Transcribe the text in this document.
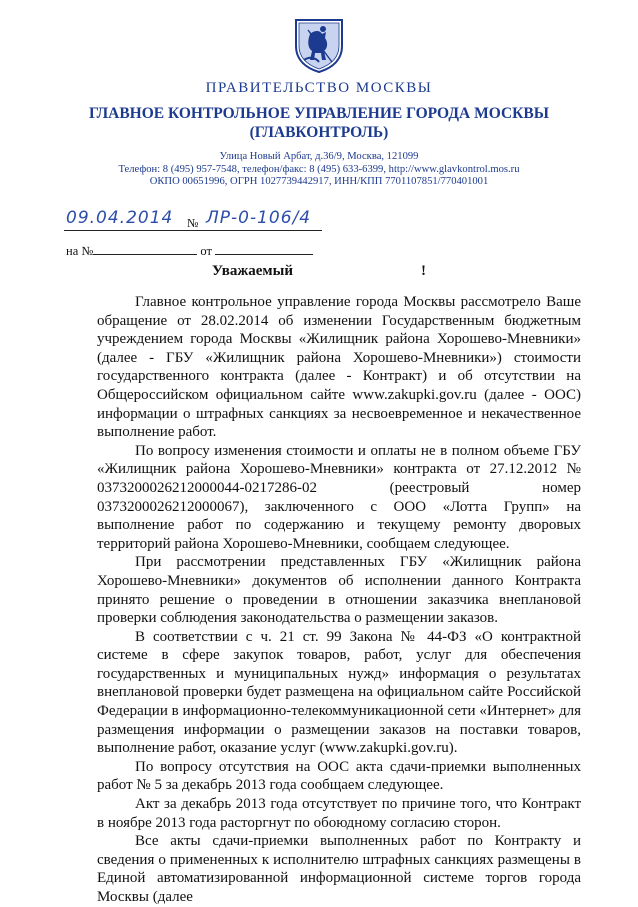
ПРАВИТЕЛЬСТВО МОСКВЫ
ГЛАВНОЕ КОНТРОЛЬНОЕ УПРАВЛЕНИЕ ГОРОДА МОСКВЫ
(ГЛАВКОНТРОЛЬ)
Улица Новый Арбат, д.36/9, Москва, 121099
Телефон: 8 (495) 957-7548, телефон/факс: 8 (495) 633-6399, http://www.glavkontrol.mos.ru
ОКПО 00651996, ОГРН 1027739442917, ИНН/КПП 7701107851/770401001
09.04.2014 № ЛР-0-106/4
на №	от
Уважаемый	!

Главное контрольное управление города Москвы рассмотрело Ваше обращение от 28.02.2014 об изменении Государственным бюджетным учреждением города Москвы «Жилищник района Хорошево-Мневники» (далее - ГБУ «Жилищник района Хорошево-Мневники») стоимости государственного контракта (далее - Контракт) и об отсутствии на Общероссийском официальном сайте www.zakupki.gov.ru (далее - ООС) информации о штрафных санкциях за несвоевременное и некачественное выполнение работ.

По вопросу изменения стоимости и оплаты не в полном объеме ГБУ «Жилищник района Хорошево-Мневники» контракта от 27.12.2012 № 0373200026212000044-0217286-02 (реестровый номер 0373200026212000067), заключенного с ООО «Лотта Групп» на выполнение работ по содержанию и текущему ремонту дворовых территорий района Хорошево-Мневники, сообщаем следующее.

При рассмотрении представленных ГБУ «Жилищник района Хорошево-Мневники» документов об исполнении данного Контракта принято решение о проведении в отношении заказчика внеплановой проверки соблюдения законодательства о размещении заказов.

В соответствии с ч. 21 ст. 99 Закона № 44-ФЗ «О контрактной системе в сфере закупок товаров, работ, услуг для обеспечения государственных и муниципальных нужд» информация о результатах внеплановой проверки будет размещена на официальном сайте Российской Федерации в информационно-телекоммуникационной сети «Интернет» для размещения информации о размещении заказов на поставки товаров, выполнение работ, оказание услуг (www.zakupki.gov.ru).

По вопросу отсутствия на ООС акта сдачи-приемки выполненных работ № 5 за декабрь 2013 года сообщаем следующее.

Акт за декабрь 2013 года отсутствует по причине того, что Контракт в ноябре 2013 года расторгнут по обоюдному согласию сторон.

Все акты сдачи-приемки выполненных работ по Контракту и сведения о примененных к исполнителю штрафных санкциях размещены в Единой автоматизированной информационной системе торгов города Москвы (далее
